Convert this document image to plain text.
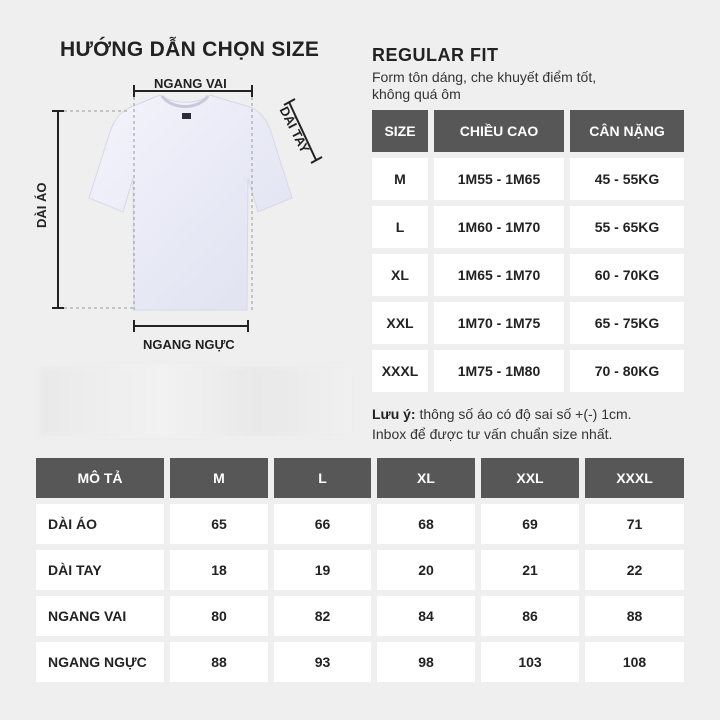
HƯỚNG DẪN CHỌN SIZE	REGULAR FIT
Form tôn dáng, che khuyết điểm tốt,
không quá ôm
NGANG VAI
DÀI TAY
DÀI ÁO
NGANG NGỰC
SIZE	CHIỀU CAO	CÂN NẶNG
M	1M55 - 1M65	45 - 55KG
L	1M60 - 1M70	55 - 65KG
XL	1M65 - 1M70	60 - 70KG
XXL	1M70 - 1M75	65 - 75KG
XXXL	1M75 - 1M80	70 - 80KG
Lưu ý: thông số áo có độ sai số +(-) 1cm.
Inbox để được tư vấn chuẩn size nhất.
MÔ TẢ	M	L	XL	XXL	XXXL
DÀI ÁO	65	66	68	69	71
DÀI TAY	18	19	20	21	22
NGANG VAI	80	82	84	86	88
NGANG NGỰC	88	93	98	103	108
